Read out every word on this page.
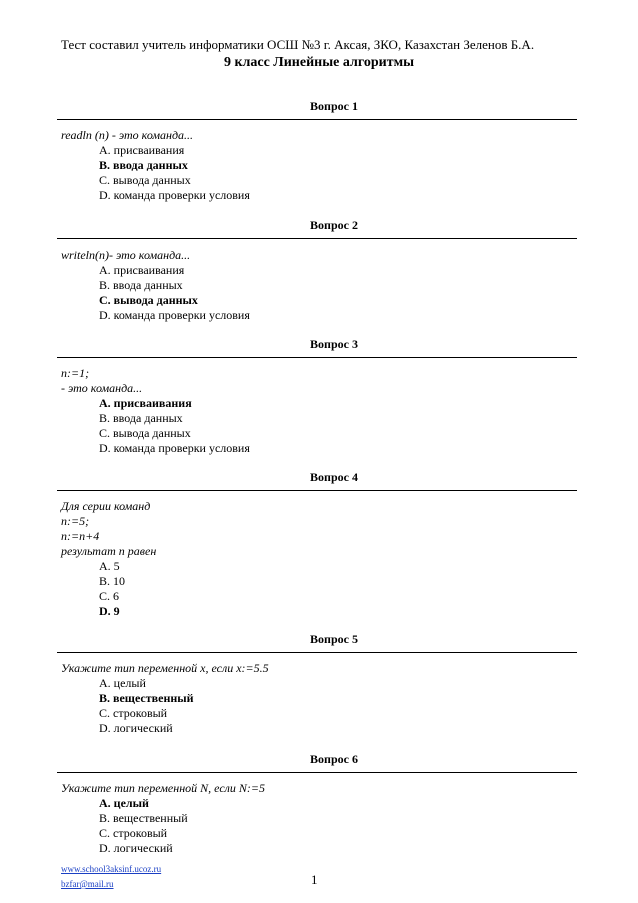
Тест составил учитель информатики ОСШ №3 г. Аксая, ЗКО, Казахстан Зеленов Б.А.
9 класс Линейные алгоритмы
Вопрос 1
readln (n) - это команда...
A. присваивания
B. ввода данных
C. вывода данных
D. команда проверки условия
Вопрос 2
writeln(n)- это команда...
A. присваивания
B. ввода данных
C. вывода данных
D. команда проверки условия
Вопрос 3
n:=1;
- это команда...
A. присваивания
B. ввода данных
C. вывода данных
D. команда проверки условия
Вопрос 4
Для серии команд
n:=5;
n:=n+4
результат n равен
A. 5
B. 10
C. 6
D. 9
Вопрос 5
Укажите тип переменной x, если x:=5.5
A. целый
B. вещественный
C. строковый
D. логический
Вопрос 6
Укажите тип переменной N, если N:=5
A. целый
B. вещественный
C. строковый
D. логический
www.school3aksinf.ucoz.ru
bzfar@mail.ru	1
